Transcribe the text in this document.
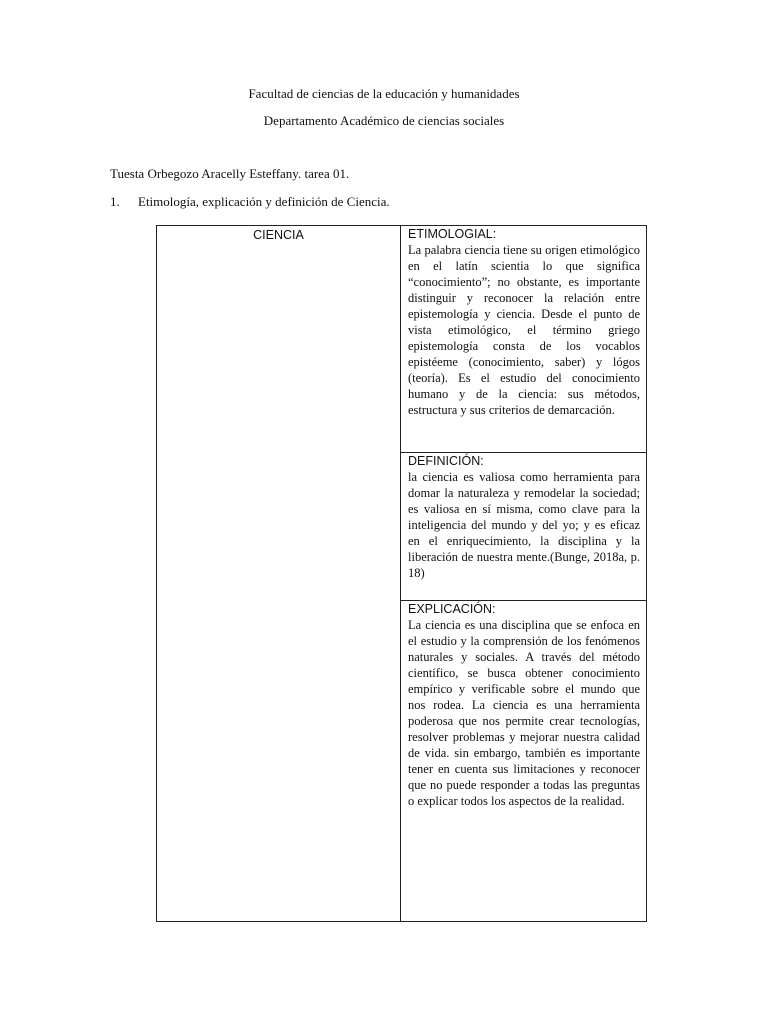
Facultad de ciencias de la educación y humanidades
Departamento Académico de ciencias sociales
Tuesta Orbegozo Aracelly Esteffany. tarea 01.
1. Etimología, explicación y definición de Ciencia.
CIENCIA	ETIMOLOGIAL:
La palabra ciencia tiene su origen etimológico en el latín scientia lo que significa “conocimiento”; no obstante, es importante distinguir y reconocer la relación entre epistemología y ciencia. Desde el punto de vista etimológico, el término griego epistemología consta de los vocablos epistéeme (conocimiento, saber) y lógos (teoría). Es el estudio del conocimiento humano y de la ciencia: sus métodos, estructura y sus criterios de demarcación.
DEFINICIÓN:
la ciencia es valiosa como herramienta para domar la naturaleza y remodelar la sociedad; es valiosa en sí misma, como clave para la inteligencia del mundo y del yo; y es eficaz en el enriquecimiento, la disciplina y la liberación de nuestra mente.(Bunge, 2018a, p. 18)
EXPLICACIÓN:
La ciencia es una disciplina que se enfoca en el estudio y la comprensión de los fenómenos naturales y sociales. A través del método científico, se busca obtener conocimiento empírico y verificable sobre el mundo que nos rodea. La ciencia es una herramienta poderosa que nos permite crear tecnologías, resolver problemas y mejorar nuestra calidad de vida. sin embargo, también es importante tener en cuenta sus limitaciones y reconocer que no puede responder a todas las preguntas o explicar todos los aspectos de la realidad.
